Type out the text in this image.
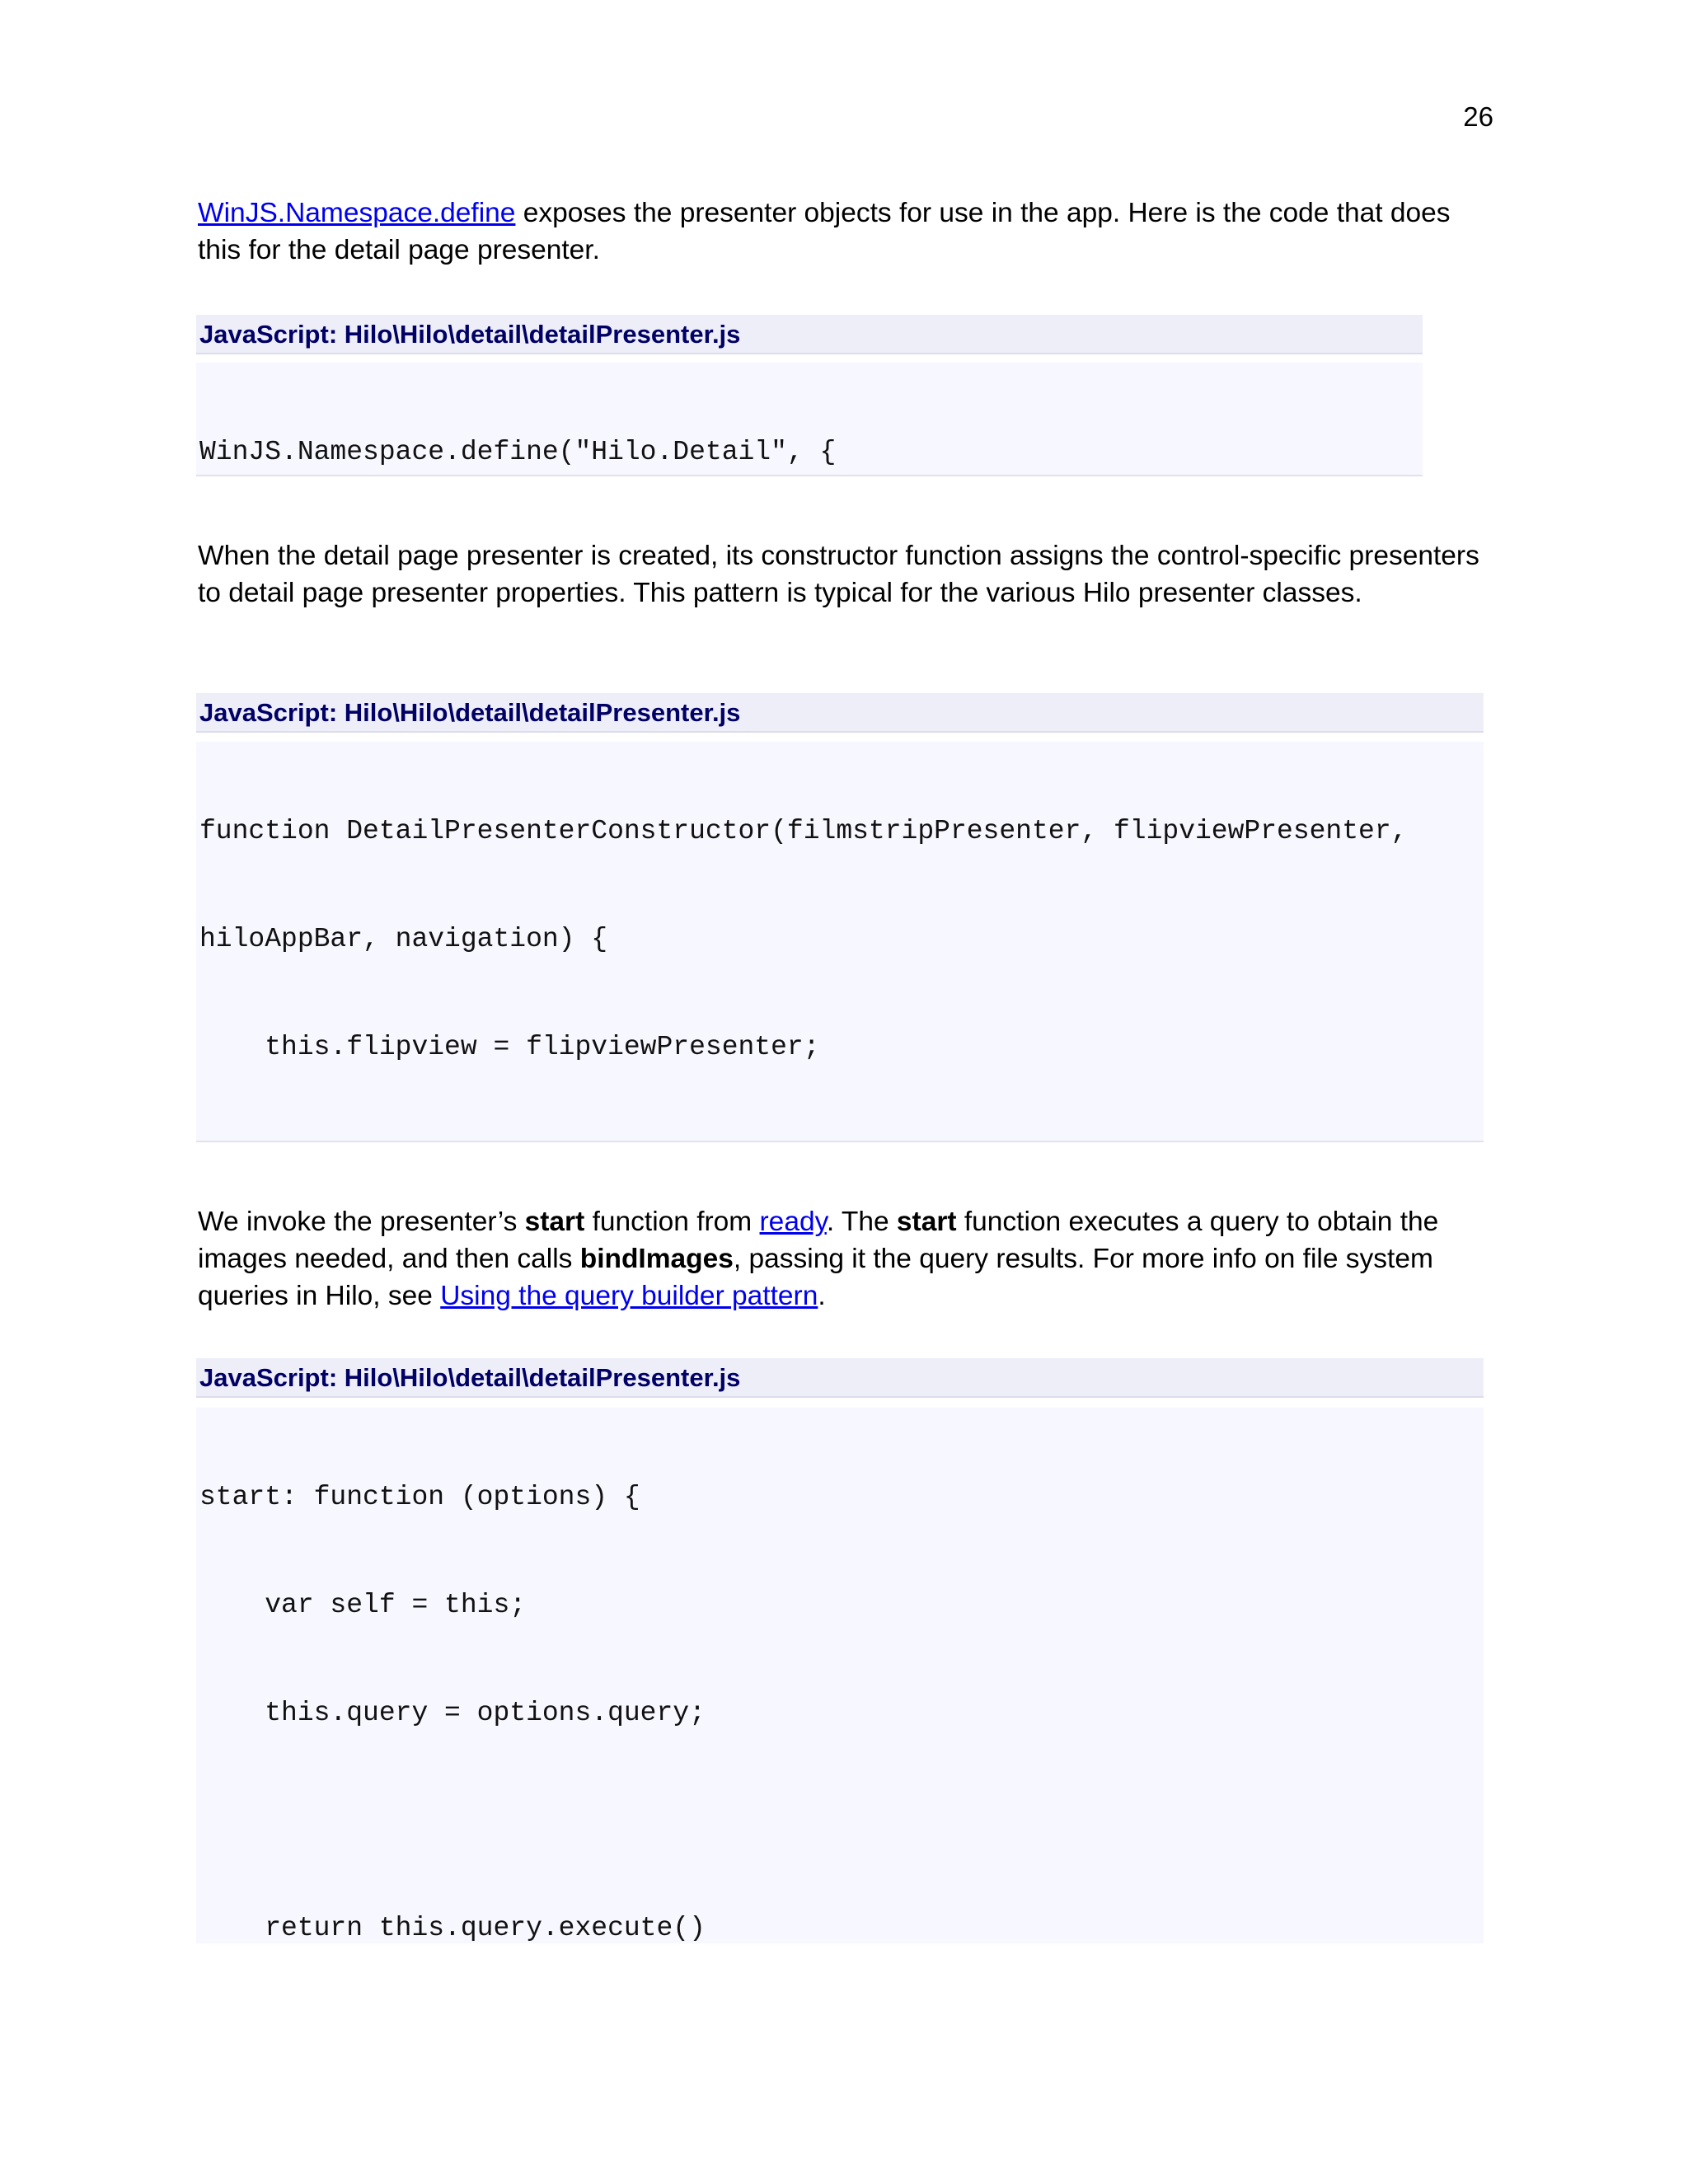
26

WinJS.Namespace.define exposes the presenter objects for use in the app. Here is the code that does this for the detail page presenter.

JavaScript: Hilo\Hilo\detail\detailPresenter.js

WinJS.Namespace.define("Hilo.Detail", {

When the detail page presenter is created, its constructor function assigns the control-specific presenters to detail page presenter properties. This pattern is typical for the various Hilo presenter classes.

JavaScript: Hilo\Hilo\detail\detailPresenter.js

function DetailPresenterConstructor(filmstripPresenter, flipviewPresenter,

hiloAppBar, navigation) {

this.flipview = flipviewPresenter;

We invoke the presenter’s start function from ready. The start function executes a query to obtain the images needed, and then calls bindImages, passing it the query results. For more info on file system queries in Hilo, see Using the query builder pattern.

JavaScript: Hilo\Hilo\detail\detailPresenter.js

start: function (options) {

var self = this;

this.query = options.query;

return this.query.execute()
